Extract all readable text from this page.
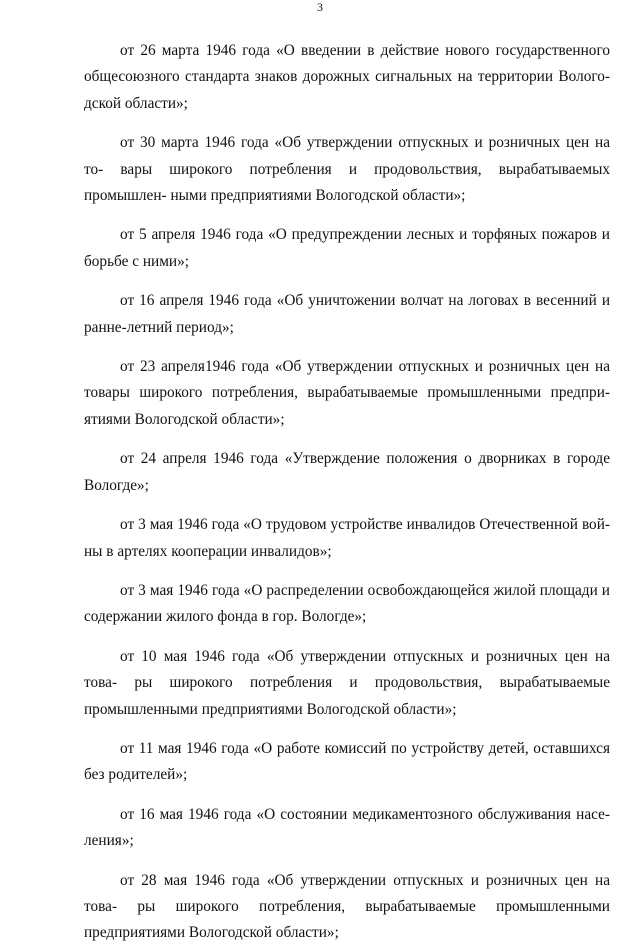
3

от 26 марта 1946 года «О введении в действие нового государственного общесоюзного стандарта знаков дорожных сигнальных на территории Волого- дской области»;

от 30 марта 1946 года «Об утверждении отпускных и розничных цен на то- вары широкого потребления и продовольствия, вырабатываемых промышлен- ными предприятиями Вологодской области»;

от 5 апреля 1946 года «О предупреждении лесных и торфяных пожаров и борьбе с ними»;

от 16 апреля 1946 года «Об уничтожении волчат на логовах в весенний и ранне-летний период»;

от 23 апреля1946 года «Об утверждении отпускных и розничных цен на товары широкого потребления, вырабатываемые промышленными предпри- ятиями Вологодской области»;

от 24 апреля 1946 года «Утверждение положения о дворниках в городе Вологде»;

от 3 мая 1946 года «О трудовом устройстве инвалидов Отечественной вой- ны в артелях кооперации инвалидов»;

от 3 мая 1946 года «О распределении освобождающейся жилой площади и содержании жилого фонда в гор. Вологде»;

от 10 мая 1946 года «Об утверждении отпускных и розничных цен на това- ры широкого потребления и продовольствия, вырабатываемые промышленными предприятиями Вологодской области»;

от 11 мая 1946 года «О работе комиссий по устройству детей, оставшихся без родителей»;

от 16 мая 1946 года «О состоянии медикаментозного обслуживания насе- ления»;

от 28 мая 1946 года «Об утверждении отпускных и розничных цен на това- ры широкого потребления, вырабатываемые промышленными предприятиями Вологодской области»;
